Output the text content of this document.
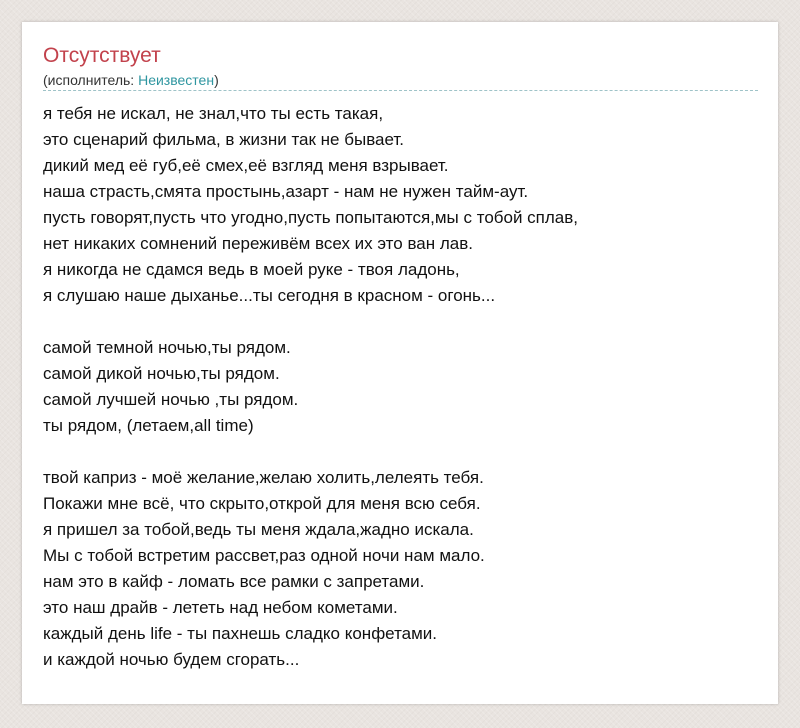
Отсутствует
(исполнитель: Неизвестен)
я тебя не искал, не знал,что ты есть такая,
это сценарий фильма, в жизни так не бывает.
дикий мед её губ,её смех,её взгляд меня взрывает.
наша страсть,смята простынь,азарт - нам не нужен тайм-аут.
пусть говорят,пусть что угодно,пусть попытаются,мы с тобой сплав,
нет никаких сомнений переживём всех их это ван лав.
я никогда не сдамся ведь в моей руке - твоя ладонь,
я слушаю наше дыханье...ты сегодня в красном - огонь...
самой темной ночью,ты рядом.
самой дикой ночью,ты рядом.
самой лучшей ночью ,ты рядом.
ты рядом, (летаем,all time)
твой каприз - моё желание,желаю холить,лелеять тебя.
Покажи мне всё, что скрыто,открой для меня всю себя.
я пришел за тобой,ведь ты меня ждала,жадно искала.
Мы с тобой встретим рассвет,раз одной ночи нам мало.
нам это в кайф - ломать все рамки с запретами.
это наш драйв - лететь над небом кометами.
каждый день life - ты пахнешь сладко конфетами.
и каждой ночью будем сгорать...
